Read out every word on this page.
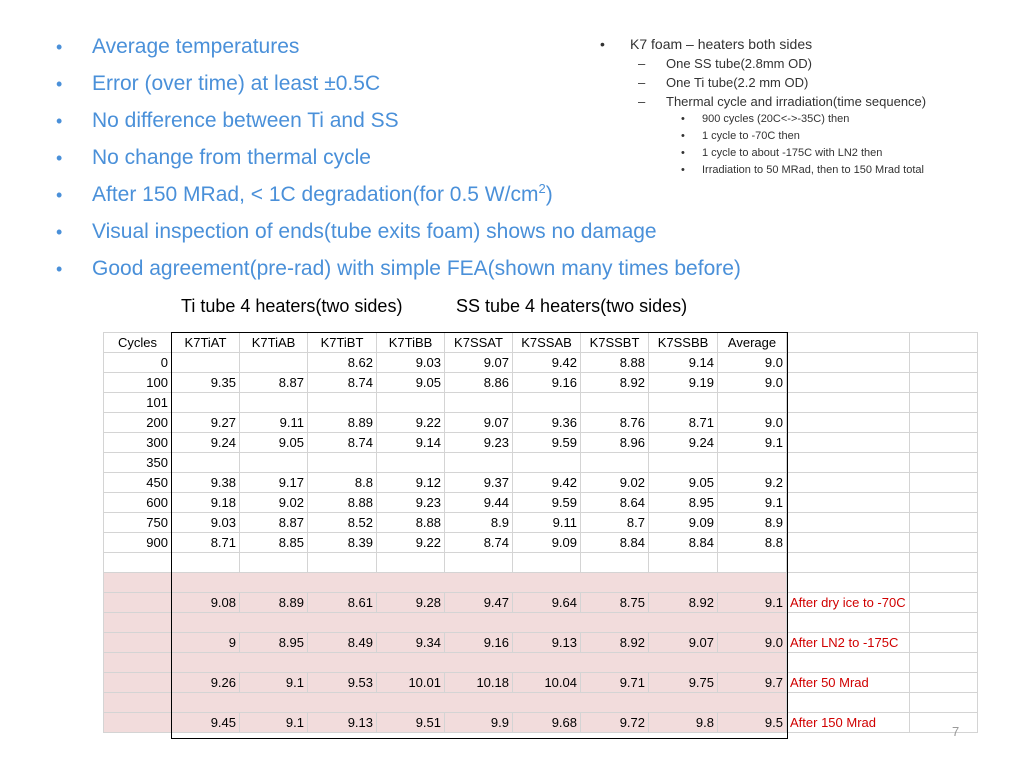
• Average temperatures
• Error (over time) at least ±0.5C
• No difference between Ti and SS
• No change from thermal cycle
• After 150 MRad, < 1C degradation(for 0.5 $W/cm^2$)
• Visual inspection of ends(tube exits foam) shows no damage
• Good agreement(pre-rad) with simple FEA(shown many times before)
• K7 foam – heaters both sides
– One SS tube(2.8mm OD)
– One Ti tube(2.2 mm OD)
– Thermal cycle and irradiation(time sequence)
• 900 cycles (20C<->-35C) then
• 1 cycle to -70C then
• 1 cycle to about -175C with LN2 then
• Irradiation to 50 MRad, then to 150 Mrad total
Ti tube 4 heaters(two sides)	SS tube 4 heaters(two sides)
Cycles	K7TiAT	K7TiAB	K7TiBT	K7TiBB	K7SSAT	K7SSAB	K7SSBT	K7SSBB	Average		
0			8.62	9.03	9.07	9.42	8.88	9.14	9.0		
100	9.35	8.87	8.74	9.05	8.86	9.16	8.92	9.19	9.0		
101											
200	9.27	9.11	8.89	9.22	9.07	9.36	8.76	8.71	9.0		
300	9.24	9.05	8.74	9.14	9.23	9.59	8.96	9.24	9.1		
350											
450	9.38	9.17	8.8	9.12	9.37	9.42	9.02	9.05	9.2		
600	9.18	9.02	8.88	9.23	9.44	9.59	8.64	8.95	9.1		
750	9.03	8.87	8.52	8.88	8.9	9.11	8.7	9.09	8.9		
900	8.71	8.85	8.39	9.22	8.74	9.09	8.84	8.84	8.8		

	9.08	8.89	8.61	9.28	9.47	9.64	8.75	8.92	9.1	After dry ice to -70C	

	9	8.95	8.49	9.34	9.16	9.13	8.92	9.07	9.0	After LN2 to -175C	

	9.26	9.1	9.53	10.01	10.18	10.04	9.71	9.75	9.7	After 50 Mrad	

	9.45	9.1	9.13	9.51	9.9	9.68	9.72	9.8	9.5	After 150 Mrad	
7
